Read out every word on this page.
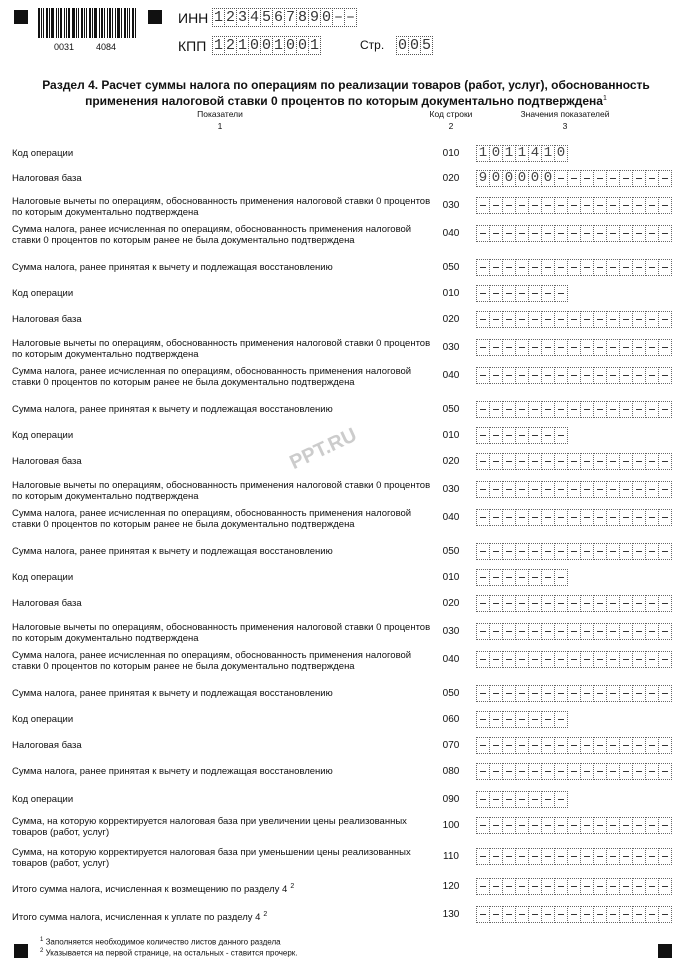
0031 4084
ИНН 1 2 3 4 5 6 7 8 9 0 – –
КПП 1 2 1 0 0 1 0 0 1	Стр. 0 0 5
Раздел 4. Расчет суммы налога по операциям по реализации товаров (работ, услуг), обоснованность
применения налоговой ставки 0 процентов по которым документально подтверждена$^1$
Показатели
1
Код строки
2
Значения показателей
3
Код операции	010	1 0 1 1 4 1 0
Налоговая база	020	9 0 0 0 0 0
Налоговые вычеты по операциям, обоснованность применения налоговой ставки 0 процентов по которым документально подтверждена
030
Сумма налога, ранее исчисленная по операциям, обоснованность применения налоговой ставки 0 процентов по которым ранее не была документально подтверждена
040
Сумма налога, ранее принятая к вычету и подлежащая восстановлению	050
Код операции	010
Налоговая база	020
Налоговые вычеты по операциям, обоснованность применения налоговой ставки 0 процентов по которым документально подтверждена
030
Сумма налога, ранее исчисленная по операциям, обоснованность применения налоговой ставки 0 процентов по которым ранее не была документально подтверждена
040
Сумма налога, ранее принятая к вычету и подлежащая восстановлению	050
Код операции	010
Налоговая база	020
Налоговые вычеты по операциям, обоснованность применения налоговой ставки 0 процентов по которым документально подтверждена
030
Сумма налога, ранее исчисленная по операциям, обоснованность применения налоговой ставки 0 процентов по которым ранее не была документально подтверждена
040
Сумма налога, ранее принятая к вычету и подлежащая восстановлению	050
Код операции	010
Налоговая база	020
Налоговые вычеты по операциям, обоснованность применения налоговой ставки 0 процентов по которым документально подтверждена
030
Сумма налога, ранее исчисленная по операциям, обоснованность применения налоговой ставки 0 процентов по которым ранее не была документально подтверждена
040
Сумма налога, ранее принятая к вычету и подлежащая восстановлению	050
Код операции	060
Налоговая база	070
Сумма налога, ранее принятая к вычету и подлежащая восстановлению	080
Код операции	090
Сумма, на которую корректируется налоговая база при увеличении цены реализованных товаров (работ, услуг)
100
Сумма, на которую корректируется налоговая база при уменьшении цены реализованных товаров (работ, услуг)
110
Итого сумма налога, исчисленная к возмещению по разделу 4 $^2$	120
Итого сумма налога, исчисленная к уплате по разделу 4 $^2$	130
PPT.RU
$^1$ Заполняется необходимое количество листов данного раздела
$^2$ Указывается на первой странице, на остальных - ставится прочерк.
